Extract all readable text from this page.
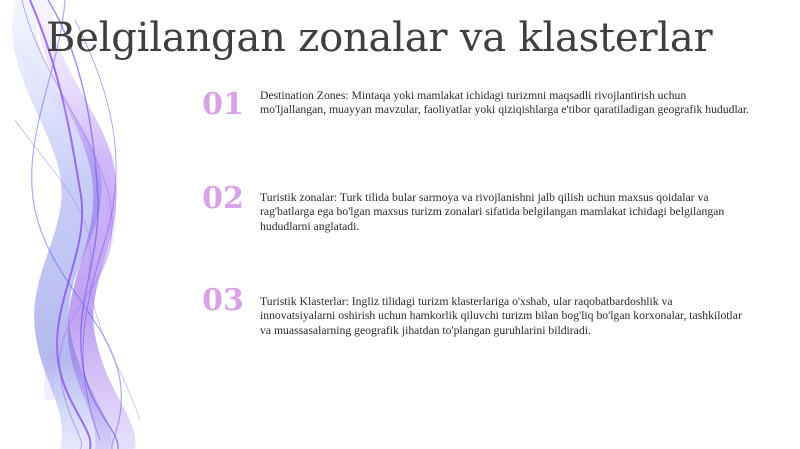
Belgilangan zonalar va klasterlar
01	Destination Zones: Mintaqa yoki mamlakat ichidagi turizmni maqsadli rivojlantirish uchun mo'ljallangan, muayyan mavzular, faoliyatlar yoki qiziqishlarga e'tibor qaratiladigan geografik hududlar.
02	Turistik zonalar: Turk tilida bular sarmoya va rivojlanishni jalb qilish uchun maxsus qoidalar va rag'batlarga ega bo'lgan maxsus turizm zonalari sifatida belgilangan mamlakat ichidagi belgilangan hududlarni anglatadi.
03	Turistik Klasterlar: Ingliz tilidagi turizm klasterlariga o'xshab, ular raqobatbardoshlik va innovatsiyalarni oshirish uchun hamkorlik qiluvchi turizm bilan bog'liq bo'lgan korxonalar, tashkilotlar va muassasalarning geografik jihatdan to'plangan guruhlarini bildiradi.
